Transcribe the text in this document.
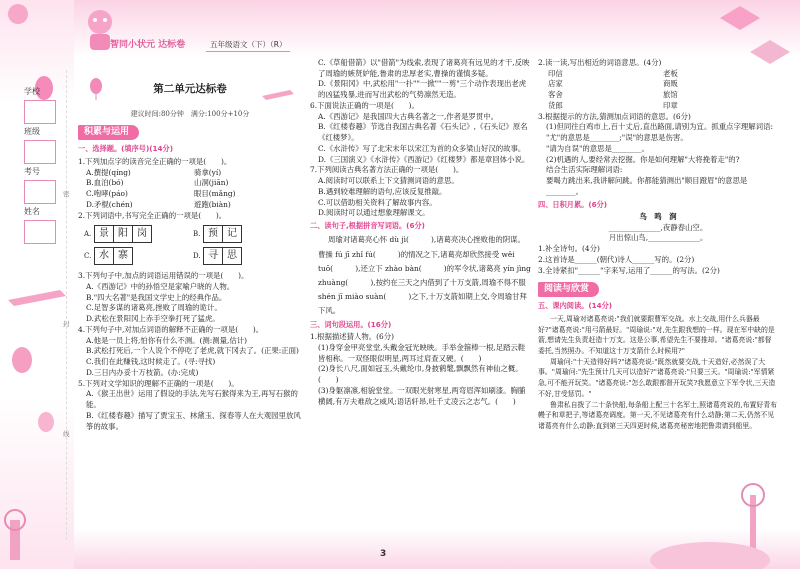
智同小状元 达标卷	五年级语文（下）（R）
学校
班级
考号
姓名
密
封
线
第二单元达标卷
建议时间:80分钟　满分:100分+10分
积累与运用
一、选择题。(填序号)(14分)
1.下列加点字的读音完全正确的一项是(　　)。
A.撰提(qíng)	骑拿(yí)
B.血泊(bó)	山洞(jiān)
C.咆哮(páo)	眼目(mǎng)
D.矛棍(chén)	遊跑(biàn)
2.下列词语中,书写完全正确的一项是(　　)。
A. 景 阳 岗	B. 预 记
C. 水 寨	D. 寻 思
3.下列句子中,加点的词语运用错误的一项是(　　)。
A.《西游记》中的孙悟空是家喻户晓的人物。
B."四大名著"是我国文学史上的经典作品。
C.足智多谋的诸葛亮,挫败了周瑜的诡计。
D.武松在景阳冈上赤手空拳打死了猛虎。
4.下列句子中,对加点词语的解释不正确的一项是(　　)。
A.他是一员上将,怕你有什么不测。(测:测量,估计)
B.武松打死后,一个人说个不停吃了老虎,就下冈去了。(正果:正面)
C.我们在此赚钱,这时候走了。(寻:寻找)
D.三日内办妥十万枝箭。(办:完成)
5.下列对文学知识的理解不正确的一项是(　　)。
A.《猴王出世》运用了假设的手法,先写石猴得来为王,再写石猴的能。
B.《红楼春趣》描写了贾宝玉、林黛玉、探春等人在大观园里放风筝的故事。
C.《草船借箭》以"借箭"为线索,表现了诸葛亮有远见的才干,反映了周瑜的嫉贤妒能,鲁肃的忠厚老实,曹操的谨慎多疑。
D.《景阳冈》中,武松用"一扑""一掀""一剪"三个动作表现出老虎的凶猛残暴,进而写出武松的气势凛然无造。
6.下面说法正确的一项是(　　)。
A.《西游记》是我国四大古典名著之一,作者是罗贯中。
B.《红楼春趣》节选自我国古典名著《石头记》,《石头记》原名《红楼梦》。
C.《水浒传》写了北宋末年以宋江为首的众多梁山好汉的故事。
D.《三国演义》《水浒传》《西游记》《红楼梦》都是章回体小说。
7.下列阅读古典名著方法正确的一项是(　　)。
A.阅读时可以联系上下文猜测词语的意思。
B.遇到较难理解的语句,应该反复推敲。
C.可以借助相关资料了解故事内容。
D.阅读时可以通过想象理解课文。
二、读句子,根据拼音写词语。(6分)
周瑜对诸葛亮心怀 dù jì(　　　),诸葛亮决心挫败他的阴谋。曹操 fú jī zhǐ fú(　　　)的情况之下,诸葛亮却欣然接受 wěi tuō(　　　),还立下 zhào bàn(　　　)的军令状,诸葛亮 yín jìng zhuàng(　　　),按约在三天之内借到了十万支箭,周瑜不得不服 shén jī miào suàn(　　　)之下,十万支箭如期上交,令周瑜甘拜下风。
三、词句段运用。(16分)
1.根据描述猜人物。(6分)
(1)身穿金甲亮堂堂,头戴金冠光映映。手举金箍棒一根,足踏云鞋皆相称。一双怪眼似明星,两耳过肩查又硬。(　　)
(2)身长八尺,面如冠玉,头戴纶巾,身披鹤氅,飘飘然有神仙之概。(　　)
(3)身躯凛凛,相貌堂堂。一双眼光射寒星,两弯眉浑如刷漆。胸脯横阔,有万夫难敌之威风;语话轩昂,吐千丈凌云之志气。(　　)
2.读一读,写出相近的词语意思。(4分)
印信	老板
店家	商贩
客舍	旅馆
货郎	印章
3.根据提示的方法,猜测加点词语的意思。(6分)
(1)但同往白鸡市上,百十丈后,直出路面,请别为宜。抓重点字理解词语:
"尤"的意思是________;"误"的意思是伤害。
"请为自误"的意思是________。
(2)机遇的人,要经常去挖掘。你是如何理解"大将挽着走"的?
结合生活实际理解词语:
要喝力跳出来,我讲解问跳。你都能猜测出"顺目蹬眉"的意思是________。
四、日积月累。(6分)
鸟　鸣　涧
______________,夜静春山空。
月出惊山鸟,______________。
1.补全诗句。(4分)
2.这首诗是______(朝代)诗人______写的。(2分)
3.全诗紧扣"______"字来写,运用了______的写法。(2分)
阅读与欣赏
五、课内阅读。(14分)
一天,周瑜对诸葛亮说:"我们就要跟曹军交战。水上交战,用什么兵器最好?"诸葛亮说:"用弓箭最好。"周瑜说:"对,先生跟我想的一样。现在军中缺的是箭,想请先生负责赶造十万支。这是公事,希望先生不要推却。"诸葛亮说:"都督委托,当然照办。不知道这十万支箭什么时候用?"
周瑜问:"十天造得好吗?"诸葛亮说:"既然就要交战,十天造好,必然误了大事。"周瑜问:"先生预计几天可以造好?"诸葛亮说:"只要三天。"周瑜说:"军情紧急,可不能开玩笑。"诸葛亮说:"怎么敢跟都督开玩笑?我愿意立下军令状,三天造不好,甘受惩罚。"
鲁肃私自拨了二十条快船,每条船上配三十名军士,照诸葛亮说的,布置好青布幔子和草把子,等诸葛亮调度。第一天,不见诸葛亮有什么动静;第二天,仍然不见诸葛亮有什么动静;直到第三天四更时候,诸葛亮秘密地把鲁肃请到船里。
3
